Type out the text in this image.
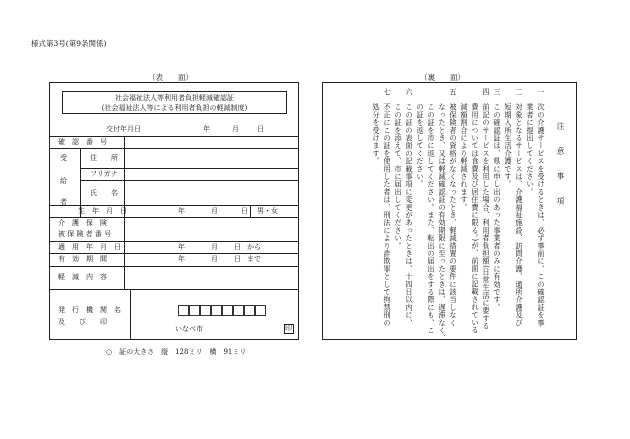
様式第3号(第9条関係)
（表　　面）	（裏　　面）
社会福祉法人等利用者負担軽減確認証
(社会福祉法人等による利用者負担の軽減制度)
交付年月日	年	月	日
確　認　番　号
受
給
者
住　　所
フリガナ
氏　　名
生　年　月　日	年	月	日 男・女
介　護　保　険
被 保 険 者 番 号
適　用　年　月　日	年	月 日 から
有　効　期　間	年	月 日 まで
軽　減　内　容
発　行　機　関　名
及　　び　　印
いなべ市	印
○　証の大きさ　縦　128ミリ　横　91ミリ
注　意　事　項
一　次の介護サービスを受けるときは、必ず事前に、この確認証を事
　　業者に提出してください。
二　対象となるサービスは、介護福祉施設、訪問介護、通所介護及び
　　短期入所生活介護です。
三　この確認証は、県に申し出のあった事業者のみに有効です。
四　前記のサービスを利用した場合、利用者負担額(日常生活に要する
　　費用については食費及び居住費に限る。)が、前面に記載されている
　　減額割合により軽減されます。
五　被保険者の資格がなくなったとき、軽減措置の要件に該当しなく
　　なったとき、又は軽減確認証の有効期限に至ったときは、遅滞なく、
　　この証を市に返してください。また、転出の届出をする際にも、こ
　　の証を返してください。
六　この証の表面の記載事項に変更があったときは、十四日以内に、
　　この証を添えて、市に届出してください。
七　不正にこの証を使用した者は、刑法により詐欺罪として拘禁刑の
　　処分を受けます。
